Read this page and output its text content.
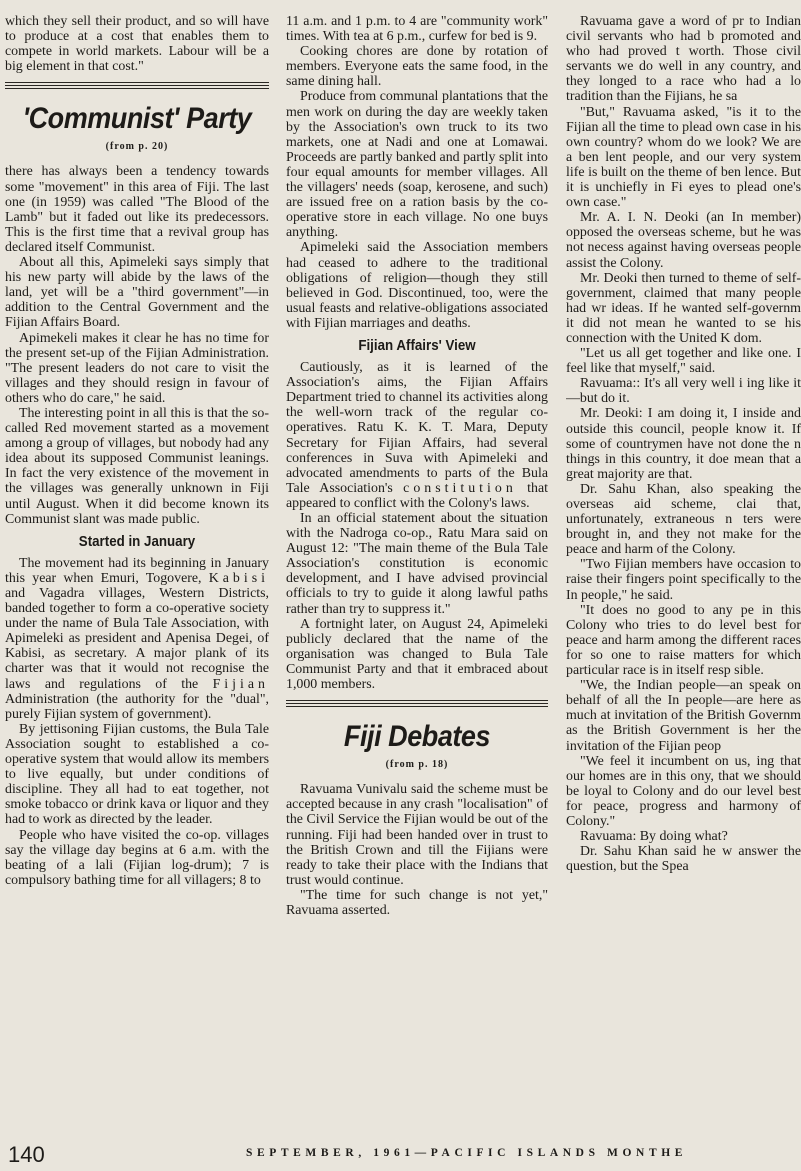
which they sell their product, and so will have to produce at a cost that enables them to compete in world markets. Labour will be a big element in that cost."

'Communist' Party
(from p. 20)

there has always been a tendency towards some "movement" in this area of Fiji. The last one (in 1959) was called "The Blood of the Lamb" but it faded out like its predecessors. This is the first time that a revival group has declared itself Communist.

About all this, Apimeleki says simply that his new party will abide by the laws of the land, yet will be a "third government"—in addition to the Central Government and the Fijian Affairs Board.

Apimekeli makes it clear he has no time for the present set-up of the Fijian Administration. "The present leaders do not care to visit the villages and they should resign in favour of others who do care," he said.

The interesting point in all this is that the so-called Red movement started as a movement among a group of villages, but nobody had any idea about its supposed Communist leanings. In fact the very existence of the movement in the villages was generally unknown in Fiji until August. When it did become known its Communist slant was made public.

Started in January

The movement had its beginning in January this year when Emuri, Togovere, Kabisi and Vagadra villages, Western Districts, banded together to form a co-operative society under the name of Bula Tale Association, with Apimeleki as president and Apenisa Degei, of Kabisi, as secretary. A major plank of its charter was that it would not recognise the laws and regulations of the Fijian Administration (the authority for the "dual", purely Fijian system of government).

By jettisoning Fijian customs, the Bula Tale Association sought to established a co-operative system that would allow its members to live equally, but under conditions of discipline. They all had to eat together, not smoke tobacco or drink kava or liquor and they had to work as directed by the leader.

People who have visited the co-op. villages say the village day begins at 6 a.m. with the beating of a lali (Fijian log-drum); 7 is compulsory bathing time for all villagers; 8 to

11 a.m. and 1 p.m. to 4 are "community work" times. With tea at 6 p.m., curfew for bed is 9.

Cooking chores are done by rotation of members. Everyone eats the same food, in the same dining hall.

Produce from communal plantations that the men work on during the day are weekly taken by the Association's own truck to its two markets, one at Nadi and one at Lomawai. Proceeds are partly banked and partly split into four equal amounts for member villages. All the villagers' needs (soap, kerosene, and such) are issued free on a ration basis by the co-operative store in each village. No one buys anything.

Apimeleki said the Association members had ceased to adhere to the traditional obligations of religion—though they still believed in God. Discontinued, too, were the usual feasts and relative-obligations associated with Fijian marriages and deaths.

Fijian Affairs' View

Cautiously, as it is learned of the Association's aims, the Fijian Affairs Department tried to channel its activities along the well-worn track of the regular co-operatives. Ratu K. K. T. Mara, Deputy Secretary for Fijian Affairs, had several conferences in Suva with Apimeleki and advocated amendments to parts of the Bula Tale Association's constitution that appeared to conflict with the Colony's laws.

In an official statement about the situation with the Nadroga co-op., Ratu Mara said on August 12: "The main theme of the Bula Tale Association's constitution is economic development, and I have advised provincial officials to try to guide it along lawful paths rather than try to suppress it."

A fortnight later, on August 24, Apimeleki publicly declared that the name of the organisation was changed to Bula Tale Communist Party and that it embraced about 1,000 members.

Fiji Debates
(from p. 18)

Ravuama Vunivalu said the scheme must be accepted because in any crash "localisation" of the Civil Service the Fijian would be out of the running. Fiji had been handed over in trust to the British Crown and till the Fijians were ready to take their place with the Indians that trust would continue.

"The time for such change is not yet," Ravuama asserted.

Ravuama gave a word of pr to Indian civil servants who had b promoted and who had proved t worth. Those civil servants we do well in any country, and they longed to a race who had a lo tradition than the Fijians, he sa

"But," Ravuama asked, "is it to the Fijian all the time to plead own case in his own country? whom do we look? We are a ben lent people, and our very system life is built on the theme of ben lence. But it is unchiefly in Fi eyes to plead one's own case."

Mr. A. I. N. Deoki (an In member) opposed the overseas scheme, but he was not necess against having overseas people assist the Colony.

Mr. Deoki then turned to theme of self-government, claimed that many people had wr ideas. If he wanted self-governm it did not mean he wanted to se his connection with the United K dom.

"Let us all get together and like one. I feel like that myself," said.

Ravuama:: It's all very well i ing like it—but do it.

Mr. Deoki: I am doing it, I inside and outside this council, people know it. If some of countrymen have not done the n things in this country, it doe mean that a great majority are that.

Dr. Sahu Khan, also speaking the overseas aid scheme, clai that, unfortunately, extraneous n ters were brought in, and they not make for the peace and harm of the Colony.

"Two Fijian members have occasion to raise their fingers point specifically to the In people," he said.

"It does no good to any pe in this Colony who tries to do level best for peace and harm among the different races for so one to raise matters for which particular race is in itself resp sible.

"We, the Indian people—an speak on behalf of all the In people—are here as much at invitation of the British Governm as the British Government is her the invitation of the Fijian peop

"We feel it incumbent on us, ing that our homes are in this ony, that we should be loyal to Colony and do our level best for peace, progress and harmony of Colony."

Ravuama: By doing what?

Dr. Sahu Khan said he w answer the question, but the Spea

140	SEPTEMBER, 1961—PACIFIC ISLANDS MONTHE
